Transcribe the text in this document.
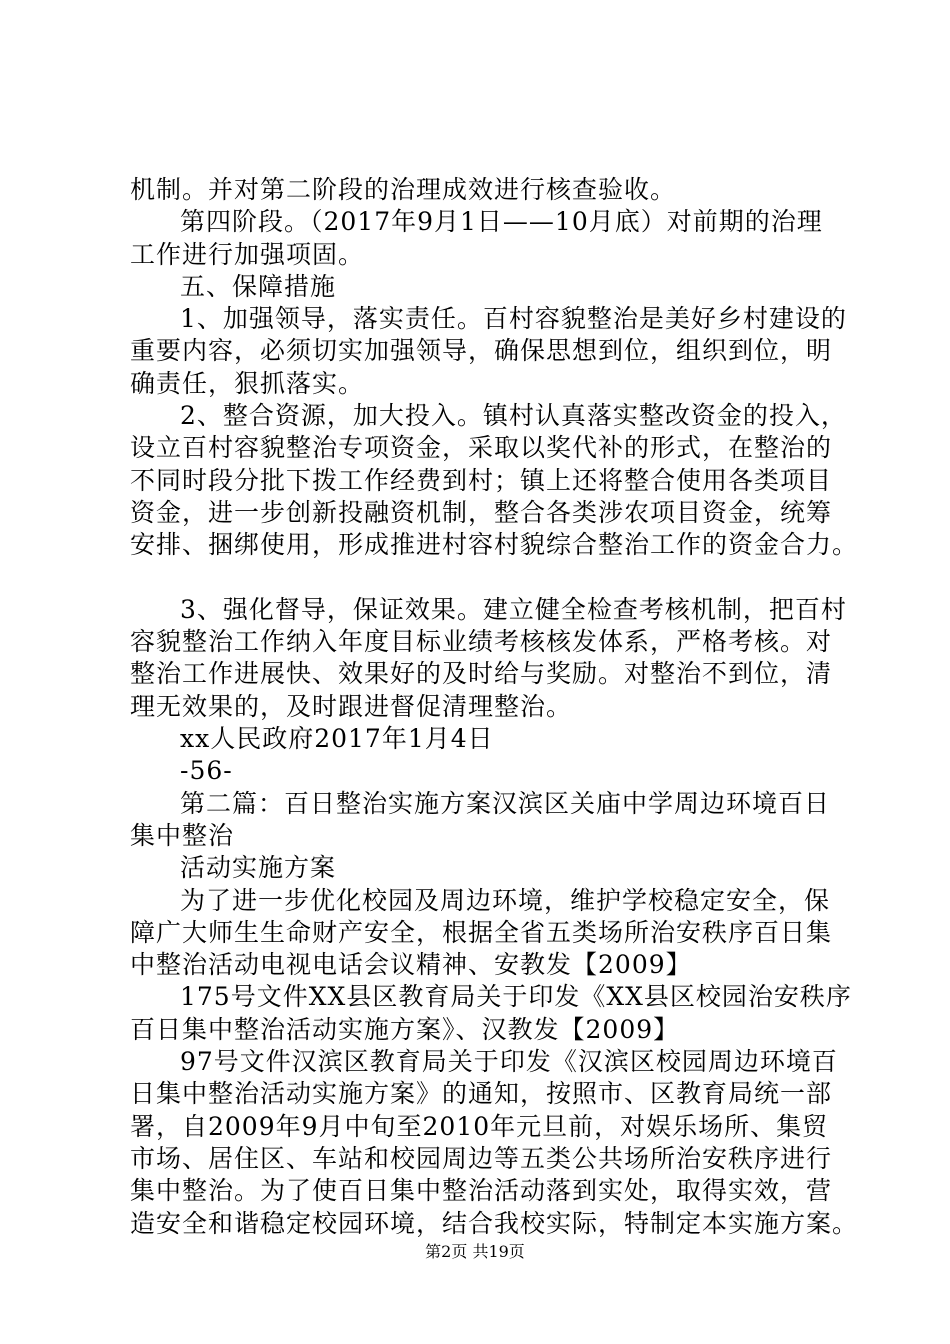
机制。并对第二阶段的治理成效进行核查验收。
第四阶段。（2017年9月1日——10月底）对前期的治理
工作进行加强项固。
五、保障措施
1、加强领导，落实责任。百村容貌整治是美好乡村建设的
重要内容，必须切实加强领导，确保思想到位，组织到位，明
确责任，狠抓落实。
2、整合资源，加大投入。镇村认真落实整改资金的投入，
设立百村容貌整治专项资金，采取以奖代补的形式，在整治的
不同时段分批下拨工作经费到村；镇上还将整合使用各类项目
资金，进一步创新投融资机制，整合各类涉农项目资金，统筹
安排、捆绑使用，形成推进村容村貌综合整治工作的资金合力。
3、强化督导，保证效果。建立健全检查考核机制，把百村
容貌整治工作纳入年度目标业绩考核核发体系，严格考核。对
整治工作进展快、效果好的及时给与奖励。对整治不到位，清
理无效果的，及时跟进督促清理整治。
xx人民政府2017年1月4日
-56-
第二篇：百日整治实施方案汉滨区关庙中学周边环境百日
集中整治
活动实施方案
为了进一步优化校园及周边环境，维护学校稳定安全，保
障广大师生生命财产安全，根据全省五类场所治安秩序百日集
中整治活动电视电话会议精神、安教发【2009】
175号文件XX县区教育局关于印发《XX县区校园治安秩序
百日集中整治活动实施方案》、汉教发【2009】
97号文件汉滨区教育局关于印发《汉滨区校园周边环境百
日集中整治活动实施方案》的通知，按照市、区教育局统一部
署，自2009年9月中旬至2010年元旦前，对娱乐场所、集贸
市场、居住区、车站和校园周边等五类公共场所治安秩序进行
集中整治。为了使百日集中整治活动落到实处，取得实效，营
造安全和谐稳定校园环境，结合我校实际，特制定本实施方案。
第2页 共19页
